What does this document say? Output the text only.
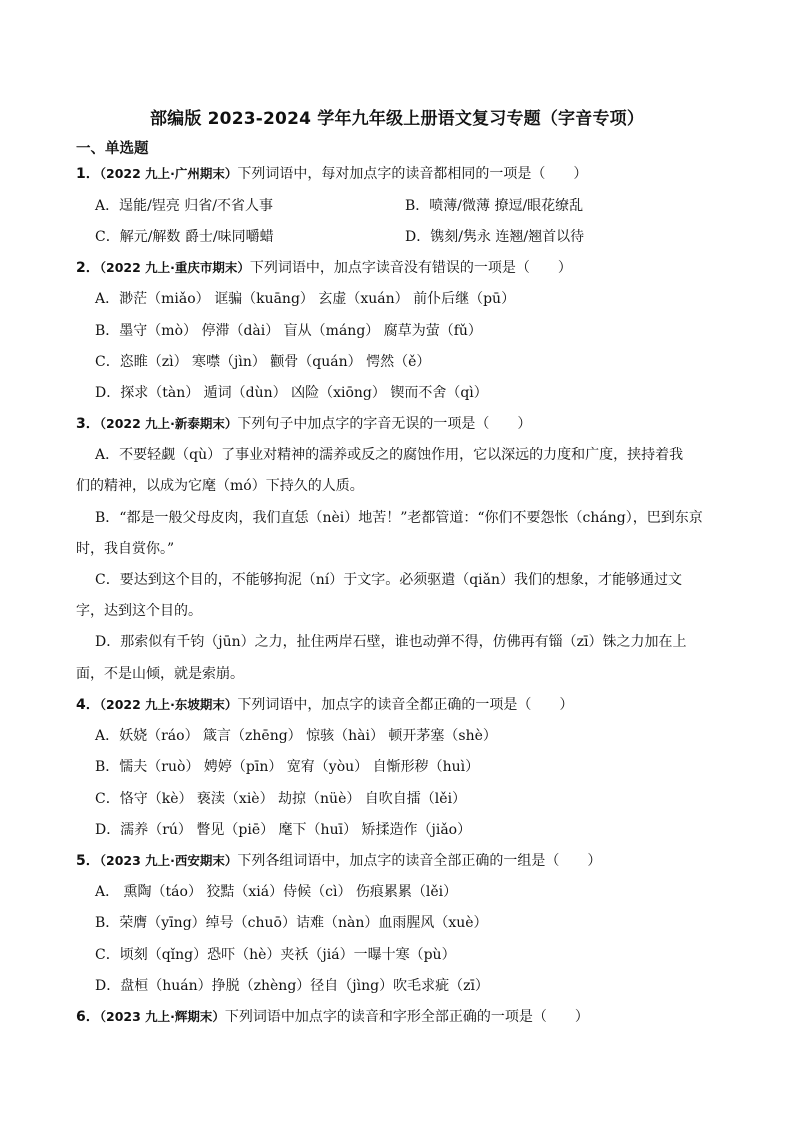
部编版 2023-2024 学年九年级上册语文复习专题（字音专项）
一、单选题
1．（2022 九上·广州期末）下列词语中，每对加点字的读音都相同的一项是（　　）
A．逞能/锃亮 归省/不省人事	B．喷薄/微薄 撩逗/眼花缭乱
C．解元/解数 爵士/味同嚼蜡	D．镌刻/隽永 连翘/翘首以待
2．（2022 九上·重庆市期末）下列词语中，加点字读音没有错误的一项是（　　）
A．渺茫（miǎo） 诓骗（kuāng） 玄虚（xuán） 前仆后继（pū）
B．墨守（mò） 停滞（dài） 盲从（máng） 腐草为萤（fǔ）
C．恣睢（zì） 寒噤（jìn） 颧骨（quán） 愕然（ě）
D．探求（tàn） 遁词（dùn） 凶险（xiōng） 锲而不舍（qì）
3．（2022 九上·新泰期末）下列句子中加点字的字音无误的一项是（　　）
A．不要轻觑（qù）了事业对精神的濡养或反之的腐蚀作用，它以深远的力度和广度，挟持着我
们的精神，以成为它麾（mó）下持久的人质。
B．“都是一般父母皮肉，我们直恁（nèi）地苦！”老都管道：“你们不要怨怅（cháng），巴到东京
时，我自赏你。”
C．要达到这个目的，不能够拘泥（ní）于文字。必须驱遣（qiǎn）我们的想象，才能够通过文
字，达到这个目的。
D．那索似有千钧（jūn）之力，扯住两岸石壁，谁也动弹不得，仿佛再有锱（zī）铢之力加在上
面，不是山倾，就是索崩。
4．（2022 九上·东坡期末）下列词语中，加点字的读音全都正确的一项是（　　）
A．妖娆（ráo） 箴言（zhēng） 惊骇（hài） 顿开茅塞（shè）
B．懦夫（ruò） 娉婷（pīn） 宽宥（yòu） 自惭形秽（huì）
C．恪守（kè） 亵渎（xiè） 劫掠（nüè） 自吹自擂（lěi）
D．濡养（rú） 瞥见（piē） 麾下（huī） 矫揉造作（jiǎo）
5．（2023 九上·西安期末）下列各组词语中，加点字的读音全部正确的一组是（　　）
A． 熏陶（táo） 狡黠（xiá）侍候（cì） 伤痕累累（lěi）
B．荣膺（yīng）绰号（chuō）诘难（nàn）血雨腥风（xuè）
C．顷刻（qǐng）恐吓（hè）夹袄（jiá）一曝十寒（pù）
D．盘桓（huán）挣脱（zhèng）径自（jìng）吹毛求疵（zī）
6．（2023 九上·辉期末）下列词语中加点字的读音和字形全部正确的一项是（　　）
